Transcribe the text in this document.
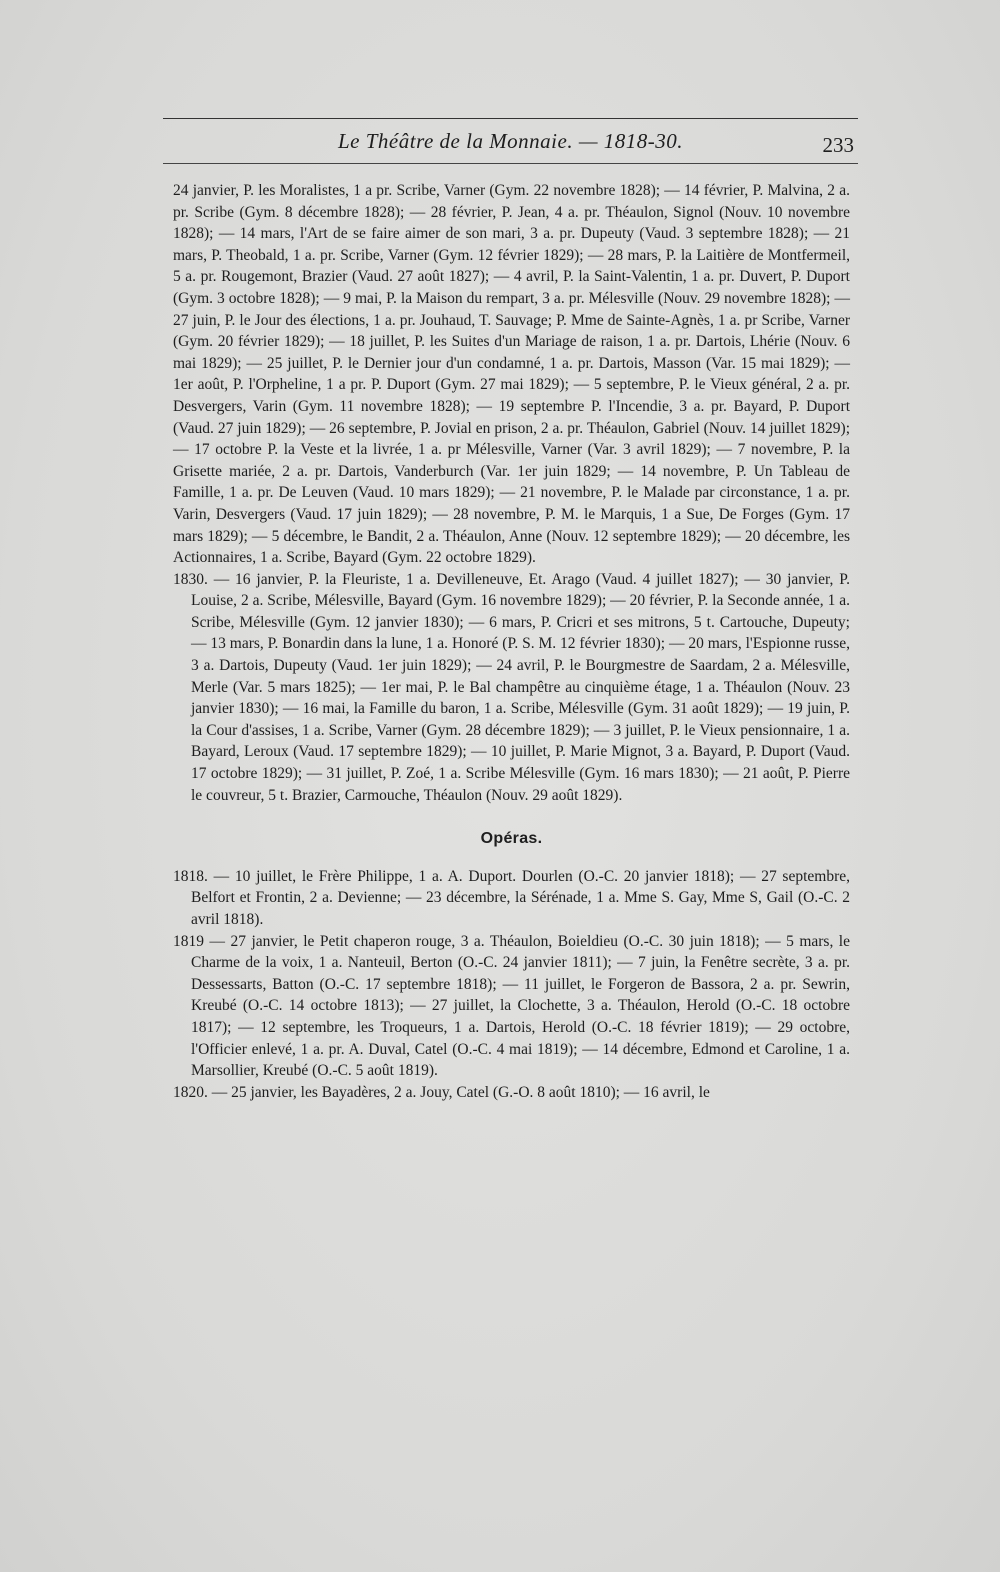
Le Théâtre de la Monnaie. — 1818-30.	233

24 janvier, P. les Moralistes, 1 a pr. Scribe, Varner (Gym. 22 novembre 1828); — 14 février, P. Malvina, 2 a. pr. Scribe (Gym. 8 décembre 1828); — 28 février, P. Jean, 4 a. pr. Théaulon, Signol (Nouv. 10 novembre 1828); — 14 mars, l'Art de se faire aimer de son mari, 3 a. pr. Dupeuty (Vaud. 3 septembre 1828); — 21 mars, P. Theobald, 1 a. pr. Scribe, Varner (Gym. 12 février 1829); — 28 mars, P. la Laitière de Montfermeil, 5 a. pr. Rougemont, Brazier (Vaud. 27 août 1827); — 4 avril, P. la Saint-Valentin, 1 a. pr. Duvert, P. Duport (Gym. 3 octobre 1828); — 9 mai, P. la Maison du rempart, 3 a. pr. Mélesville (Nouv. 29 novembre 1828); — 27 juin, P. le Jour des élections, 1 a. pr. Jouhaud, T. Sauvage; P. Mme de Sainte-Agnès, 1 a. pr Scribe, Varner (Gym. 20 février 1829); — 18 juillet, P. les Suites d'un Mariage de raison, 1 a. pr. Dartois, Lhérie (Nouv. 6 mai 1829); — 25 juillet, P. le Dernier jour d'un condamné, 1 a. pr. Dartois, Masson (Var. 15 mai 1829); — 1er août, P. l'Orpheline, 1 a pr. P. Duport (Gym. 27 mai 1829); — 5 septembre, P. le Vieux général, 2 a. pr. Desvergers, Varin (Gym. 11 novembre 1828); — 19 septembre P. l'Incendie, 3 a. pr. Bayard, P. Duport (Vaud. 27 juin 1829); — 26 septembre, P. Jovial en prison, 2 a. pr. Théaulon, Gabriel (Nouv. 14 juillet 1829); — 17 octobre P. la Veste et la livrée, 1 a. pr Mélesville, Varner (Var. 3 avril 1829); — 7 novembre, P. la Grisette mariée, 2 a. pr. Dartois, Vanderburch (Var. 1er juin 1829; — 14 novembre, P. Un Tableau de Famille, 1 a. pr. De Leuven (Vaud. 10 mars 1829); — 21 novembre, P. le Malade par circonstance, 1 a. pr. Varin, Desvergers (Vaud. 17 juin 1829); — 28 novembre, P. M. le Marquis, 1 a Sue, De Forges (Gym. 17 mars 1829); — 5 décembre, le Bandit, 2 a. Théaulon, Anne (Nouv. 12 septembre 1829); — 20 décembre, les Actionnaires, 1 a. Scribe, Bayard (Gym. 22 octobre 1829).

1830. — 16 janvier, P. la Fleuriste, 1 a. Devilleneuve, Et. Arago (Vaud. 4 juillet 1827); — 30 janvier, P. Louise, 2 a. Scribe, Mélesville, Bayard (Gym. 16 novembre 1829); — 20 février, P. la Seconde année, 1 a. Scribe, Mélesville (Gym. 12 janvier 1830); — 6 mars, P. Cricri et ses mitrons, 5 t. Cartouche, Dupeuty; — 13 mars, P. Bonardin dans la lune, 1 a. Honoré (P. S. M. 12 février 1830); — 20 mars, l'Espionne russe, 3 a. Dartois, Dupeuty (Vaud. 1er juin 1829); — 24 avril, P. le Bourgmestre de Saardam, 2 a. Mélesville, Merle (Var. 5 mars 1825); — 1er mai, P. le Bal champêtre au cinquième étage, 1 a. Théaulon (Nouv. 23 janvier 1830); — 16 mai, la Famille du baron, 1 a. Scribe, Mélesville (Gym. 31 août 1829); — 19 juin, P. la Cour d'assises, 1 a. Scribe, Varner (Gym. 28 décembre 1829); — 3 juillet, P. le Vieux pensionnaire, 1 a. Bayard, Leroux (Vaud. 17 septembre 1829); — 10 juillet, P. Marie Mignot, 3 a. Bayard, P. Duport (Vaud. 17 octobre 1829); — 31 juillet, P. Zoé, 1 a. Scribe Mélesville (Gym. 16 mars 1830); — 21 août, P. Pierre le couvreur, 5 t. Brazier, Carmouche, Théaulon (Nouv. 29 août 1829).

Opéras.

1818. — 10 juillet, le Frère Philippe, 1 a. A. Duport. Dourlen (O.-C. 20 janvier 1818); — 27 septembre, Belfort et Frontin, 2 a. Devienne; — 23 décembre, la Sérénade, 1 a. Mme S. Gay, Mme S, Gail (O.-C. 2 avril 1818).

1819 — 27 janvier, le Petit chaperon rouge, 3 a. Théaulon, Boieldieu (O.-C. 30 juin 1818); — 5 mars, le Charme de la voix, 1 a. Nanteuil, Berton (O.-C. 24 janvier 1811); — 7 juin, la Fenêtre secrète, 3 a. pr. Dessessarts, Batton (O.-C. 17 septembre 1818); — 11 juillet, le Forgeron de Bassora, 2 a. pr. Sewrin, Kreubé (O.-C. 14 octobre 1813); — 27 juillet, la Clochette, 3 a. Théaulon, Herold (O.-C. 18 octobre 1817); — 12 septembre, les Troqueurs, 1 a. Dartois, Herold (O.-C. 18 février 1819); — 29 octobre, l'Officier enlevé, 1 a. pr. A. Duval, Catel (O.-C. 4 mai 1819); — 14 décembre, Edmond et Caroline, 1 a. Marsollier, Kreubé (O.-C. 5 août 1819).

1820. — 25 janvier, les Bayadères, 2 a. Jouy, Catel (G.-O. 8 août 1810); — 16 avril, le
